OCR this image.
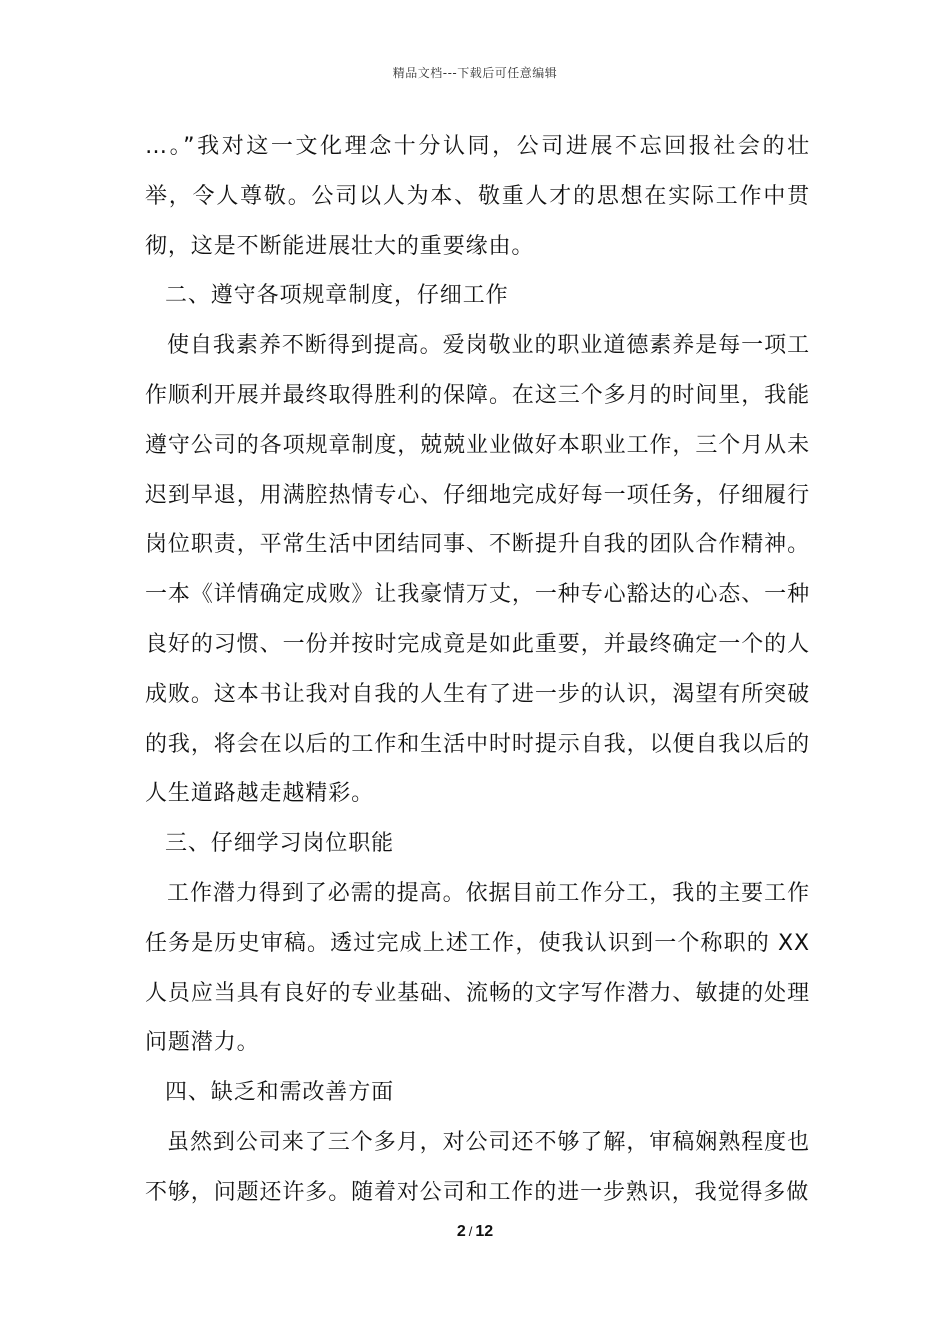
精品文档---下载后可任意编辑

…。”我对这一文化理念十分认同，公司进展不忘回报社会的壮举，令人尊敬。公司以人为本、敬重人才的思想在实际工作中贯彻，这是不断能进展壮大的重要缘由。

二、遵守各项规章制度，仔细工作

使自我素养不断得到提高。爱岗敬业的职业道德素养是每一项工作顺利开展并最终取得胜利的保障。在这三个多月的时间里，我能遵守公司的各项规章制度，兢兢业业做好本职业工作，三个月从未迟到早退，用满腔热情专心、仔细地完成好每一项任务，仔细履行岗位职责，平常生活中团结同事、不断提升自我的团队合作精神。一本《详情确定成败》让我豪情万丈，一种专心豁达的心态、一种良好的习惯、一份并按时完成竟是如此重要，并最终确定一个的人成败。这本书让我对自我的人生有了进一步的认识，渴望有所突破的我，将会在以后的工作和生活中时时提示自我，以便自我以后的人生道路越走越精彩。

三、仔细学习岗位职能

工作潜力得到了必需的提高。依据目前工作分工，我的主要工作任务是历史审稿。透过完成上述工作，使我认识到一个称职的 XX 人员应当具有良好的专业基础、流畅的文字写作潜力、敏捷的处理问题潜力。

四、缺乏和需改善方面

虽然到公司来了三个多月，对公司还不够了解，审稿娴熟程度也不够，问题还许多。随着对公司和工作的进一步熟识，我觉得多做

2 / 12
